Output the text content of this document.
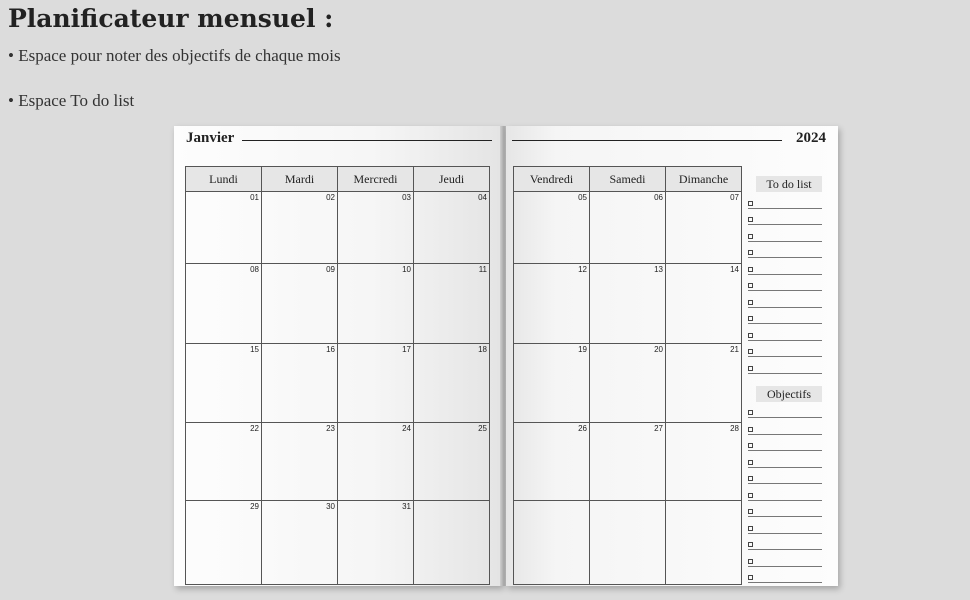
Planificateur mensuel :
• Espace pour noter des objectifs de chaque mois
• Espace To do list
Janvier
Lundi	Mardi	Mercredi	Jeudi
01	02	03	04
08	09	10	11
15	16	17	18
22	23	24	25
29	30	31	
2024
Vendredi	Samedi	Dimanche
05	06	07
12	13	14
19	20	21
26	27	28

To do list
Objectifs
